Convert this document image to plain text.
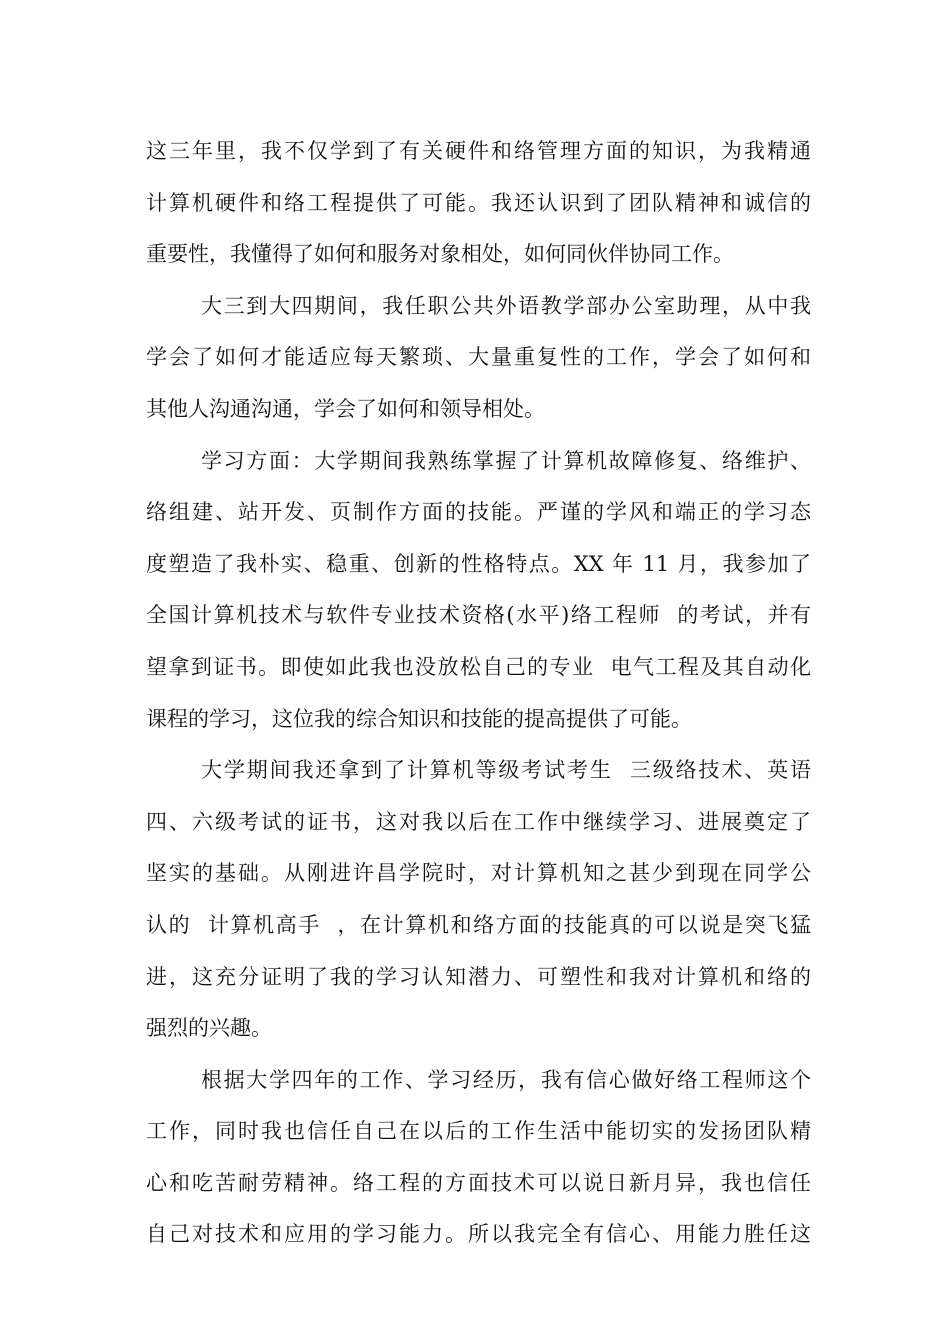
这三年里，我不仅学到了有关硬件和络管理方面的知识，为我精通
计算机硬件和络工程提供了可能。我还认识到了团队精神和诚信的
重要性，我懂得了如何和服务对象相处，如何同伙伴协同工作。
大三到大四期间，我任职公共外语教学部办公室助理，从中我
学会了如何才能适应每天繁琐、大量重复性的工作，学会了如何和
其他人沟通沟通，学会了如何和领导相处。
学习方面：大学期间我熟练掌握了计算机故障修复、络维护、
络组建、站开发、页制作方面的技能。严谨的学风和端正的学习态
度塑造了我朴实、稳重、创新的性格特点。XX 年 11 月，我参加了
全国计算机技术与软件专业技术资格(水平)络工程师  的考试，并有
望拿到证书。即使如此我也没放松自己的专业  电气工程及其自动化
课程的学习，这位我的综合知识和技能的提高提供了可能。
大学期间我还拿到了计算机等级考试考生  三级络技术、英语
四、六级考试的证书，这对我以后在工作中继续学习、进展奠定了
坚实的基础。从刚进许昌学院时，对计算机知之甚少到现在同学公
认的  计算机高手  ，在计算机和络方面的技能真的可以说是突飞猛
进，这充分证明了我的学习认知潜力、可塑性和我对计算机和络的
强烈的兴趣。
根据大学四年的工作、学习经历，我有信心做好络工程师这个
工作，同时我也信任自己在以后的工作生活中能切实的发扬团队精
心和吃苦耐劳精神。络工程的方面技术可以说日新月异，我也信任
自己对技术和应用的学习能力。所以我完全有信心、用能力胜任这
